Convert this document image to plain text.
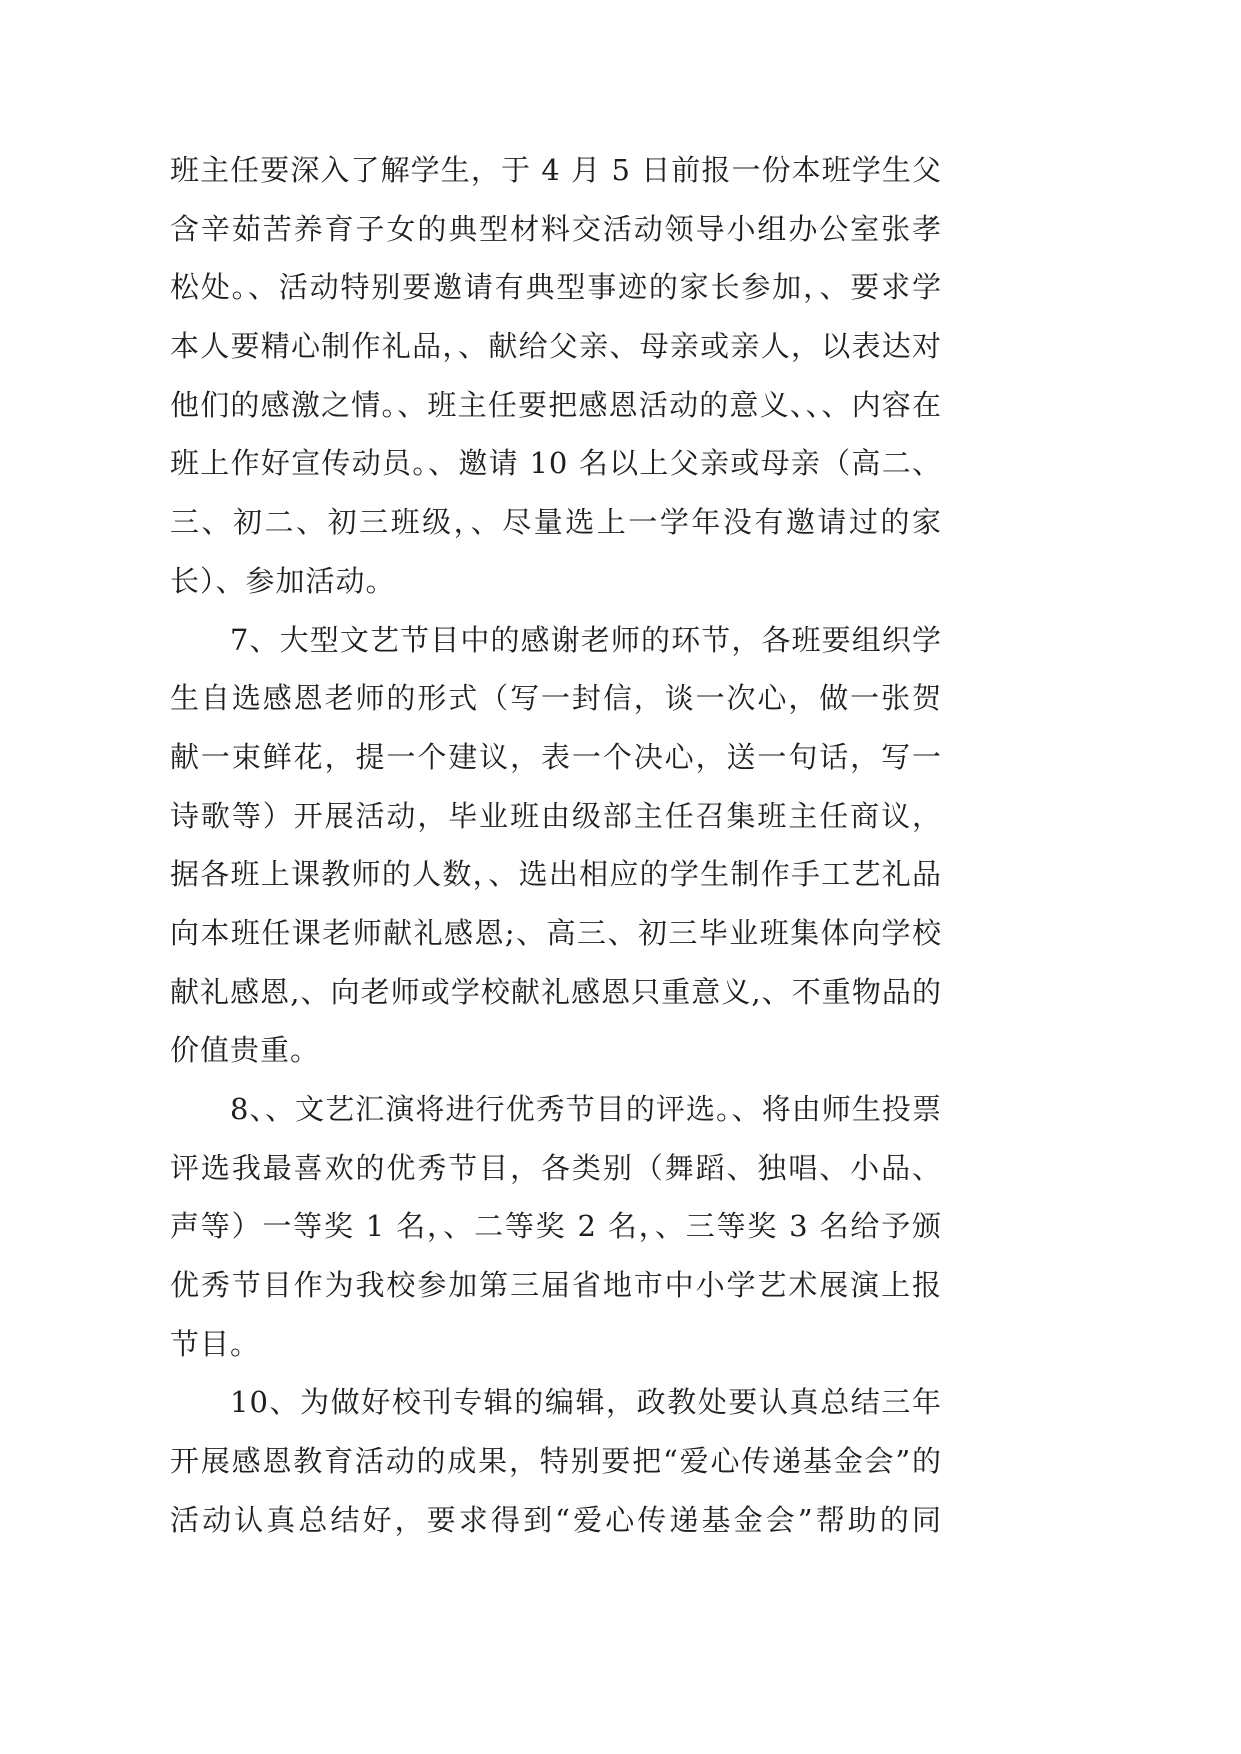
班主任要深入了解学生，于 4 月 5 日前报一份本班学生父
含辛茹苦养育子女的典型材料交活动领导小组办公室张孝
松处。、活动特别要邀请有典型事迹的家长参加，、要求学
本人要精心制作礼品，、献给父亲、母亲或亲人，以表达对
他们的感激之情。、班主任要把感恩活动的意义、、、内容在
班上作好宣传动员。、邀请 10 名以上父亲或母亲（高二、
三、初二、初三班级，、尽量选上一学年没有邀请过的家
长）、参加活动。
7、大型文艺节目中的感谢老师的环节，各班要组织学
生自选感恩老师的形式（写一封信，谈一次心，做一张贺
献一束鲜花，提一个建议，表一个决心，送一句话，写一
诗歌等）开展活动，毕业班由级部主任召集班主任商议，
据各班上课教师的人数，、选出相应的学生制作手工艺礼品
向本班任课老师献礼感恩;、高三、初三毕业班集体向学校
献礼感恩,、向老师或学校献礼感恩只重意义,、不重物品的
价值贵重。
8、、文艺汇演将进行优秀节目的评选。、将由师生投票
评选我最喜欢的优秀节目，各类别（舞蹈、独唱、小品、
声等）一等奖 1 名，、二等奖 2 名，、三等奖 3 名给予颁
优秀节目作为我校参加第三届省地市中小学艺术展演上报
节目。
10、为做好校刊专辑的编辑，政教处要认真总结三年
开展感恩教育活动的成果，特别要把“爱心传递基金会”的
活动认真总结好，要求得到“爱心传递基金会”帮助的同
